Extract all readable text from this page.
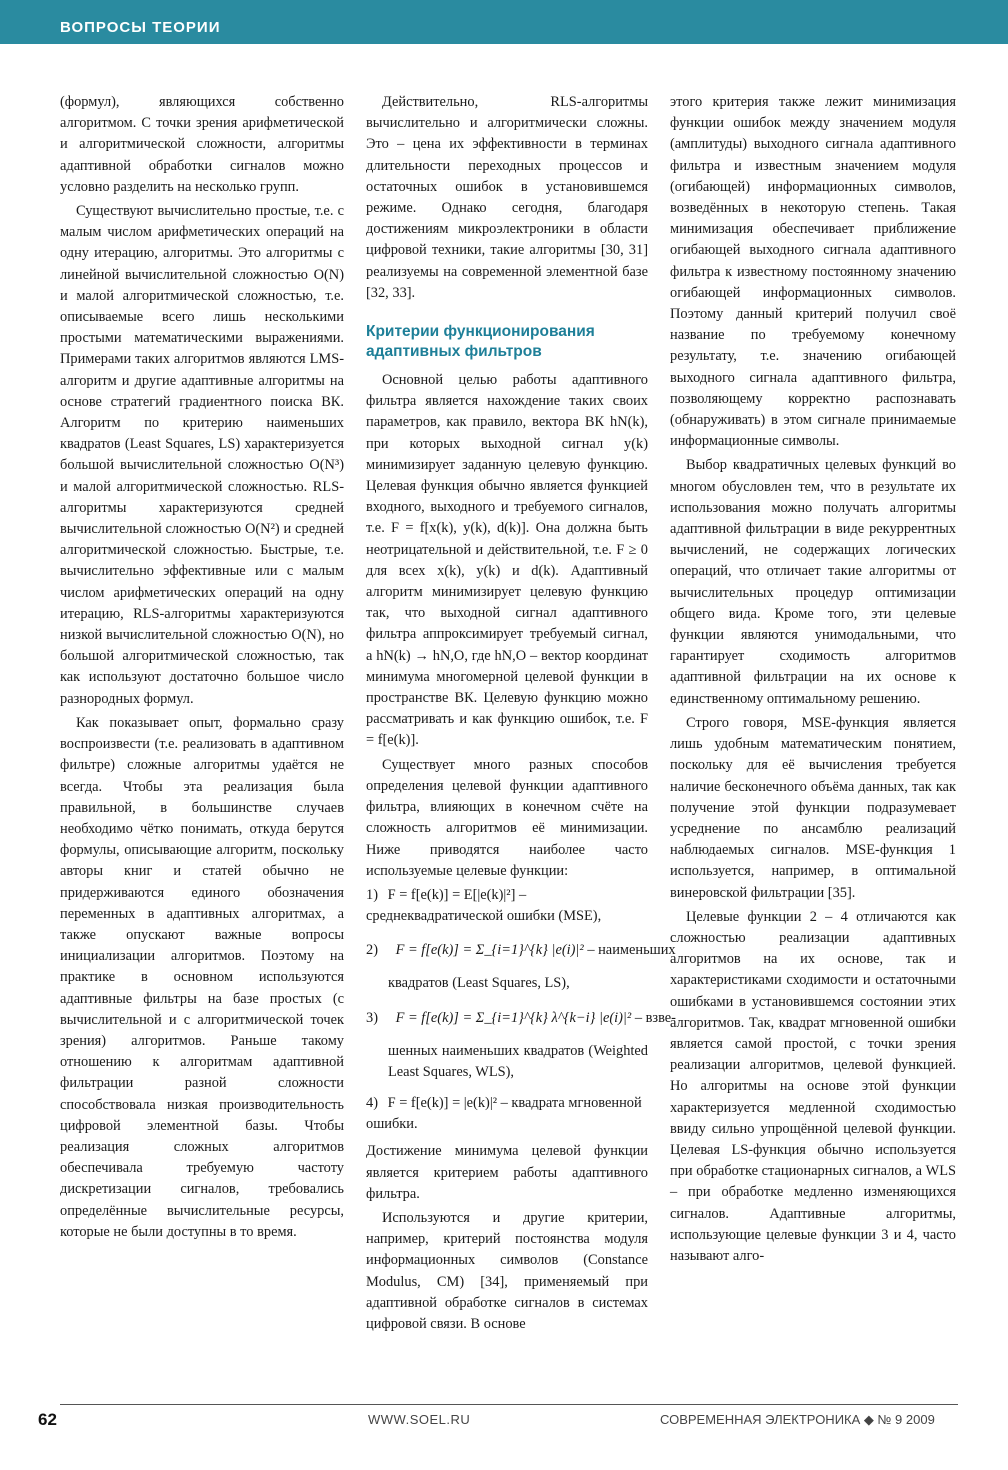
ВОПРОСЫ ТЕОРИИ

(формул), являющихся собственно алгоритмом. С точки зрения арифметической и алгоритмической сложности, алгоритмы адаптивной обработки сигналов можно условно разделить на несколько групп.

Существуют вычислительно простые, т.е. с малым числом арифметических операций на одну итерацию, алгоритмы. Это алгоритмы с линейной вычислительной сложностью O(N) и малой алгоритмической сложностью, т.е. описываемые всего лишь несколькими простыми математическими выражениями. Примерами таких алгоритмов являются LMS-алгоритм и другие адаптивные алгоритмы на основе стратегий градиентного поиска ВК. Алгоритм по критерию наименьших квадратов (Least Squares, LS) характеризуется большой вычислительной сложностью O(N³) и малой алгоритмической сложностью. RLS-алгоритмы характеризуются средней вычислительной сложностью O(N²) и средней алгоритмической сложностью. Быстрые, т.е. вычислительно эффективные или с малым числом арифметических операций на одну итерацию, RLS-алгоритмы характеризуются низкой вычислительной сложностью O(N), но большой алгоритмической сложностью, так как используют достаточно большое число разнородных формул.

Как показывает опыт, формально сразу воспроизвести (т.е. реализовать в адаптивном фильтре) сложные алгоритмы удаётся не всегда. Чтобы эта реализация была правильной, в большинстве случаев необходимо чётко понимать, откуда берутся формулы, описывающие алгоритм, поскольку авторы книг и статей обычно не придерживаются единого обозначения переменных в адаптивных алгоритмах, а также опускают важные вопросы инициализации алгоритмов. Поэтому на практике в основном используются адаптивные фильтры на базе простых (с вычислительной и с алгоритмической точек зрения) алгоритмов. Раньше такому отношению к алгоритмам адаптивной фильтрации разной сложности способствовала низкая производительность цифровой элементной базы. Чтобы реализация сложных алгоритмов обеспечивала требуемую частоту дискретизации сигналов, требовались определённые вычислительные ресурсы, которые не были доступны в то время.

Действительно, RLS-алгоритмы вычислительно и алгоритмически сложны. Это – цена их эффективности в терминах длительности переходных процессов и остаточных ошибок в установившемся режиме. Однако сегодня, благодаря достижениям микроэлектроники в области цифровой техники, такие алгоритмы [30, 31] реализуемы на современной элементной базе [32, 33].

Критерии функционирования
адаптивных фильтров

Основной целью работы адаптивного фильтра является нахождение таких своих параметров, как правило, вектора ВК hN(k), при которых выходной сигнал y(k) минимизирует заданную целевую функцию. Целевая функция обычно является функцией входного, выходного и требуемого сигналов, т.е. F = f[x(k), y(k), d(k)]. Она должна быть неотрицательной и действительной, т.е. F ≥ 0 для всех x(k), y(k) и d(k). Адаптивный алгоритм минимизирует целевую функцию так, что выходной сигнал адаптивного фильтра аппроксимирует требуемый сигнал, а hN(k) → hN,O, где hN,O – вектор координат минимума многомерной целевой функции в пространстве ВК. Целевую функцию можно рассматривать и как функцию ошибок, т.е. F = f[e(k)].

Существует много разных способов определения целевой функции адаптивного фильтра, влияющих в конечном счёте на сложность алгоритмов её минимизации. Ниже приводятся наиболее часто используемые целевые функции:

1) F = f[e(k)] = E[|e(k)|²] – среднеквадратической ошибки (MSE),
2) F = f[e(k)] = Σ_{i=1}^{k} |e(i)|² – наименьших
квадратов (Least Squares, LS),
3) F = f[e(k)] = Σ_{i=1}^{k} λ^{k−i} |e(i)|² – взве-
шенных наименьших квадратов (Weighted Least Squares, WLS),
4) F = f[e(k)] = |e(k)|² – квадрата мгновенной ошибки.

Достижение минимума целевой функции является критерием работы адаптивного фильтра.

Используются и другие критерии, например, критерий постоянства модуля информационных символов (Constance Modulus, CM) [34], применяемый при адаптивной обработке сигналов в системах цифровой связи. В основе

этого критерия также лежит минимизация функции ошибок между значением модуля (амплитуды) выходного сигнала адаптивного фильтра и известным значением модуля (огибающей) информационных символов, возведённых в некоторую степень. Такая минимизация обеспечивает приближение огибающей выходного сигнала адаптивного фильтра к известному постоянному значению огибающей информационных символов. Поэтому данный критерий получил своё название по требуемому конечному результату, т.е. значению огибающей выходного сигнала адаптивного фильтра, позволяющему корректно распознавать (обнаруживать) в этом сигнале принимаемые информационные символы.

Выбор квадратичных целевых функций во многом обусловлен тем, что в результате их использования можно получать алгоритмы адаптивной фильтрации в виде рекуррентных вычислений, не содержащих логических операций, что отличает такие алгоритмы от вычислительных процедур оптимизации общего вида. Кроме того, эти целевые функции являются унимодальными, что гарантирует сходимость алгоритмов адаптивной фильтрации на их основе к единственному оптимальному решению.

Строго говоря, MSE-функция является лишь удобным математическим понятием, поскольку для её вычисления требуется наличие бесконечного объёма данных, так как получение этой функции подразумевает усреднение по ансамблю реализаций наблюдаемых сигналов. MSE-функция 1 используется, например, в оптимальной винеровской фильтрации [35].

Целевые функции 2 – 4 отличаются как сложностью реализации адаптивных алгоритмов на их основе, так и характеристиками сходимости и остаточными ошибками в установившемся состоянии этих алгоритмов. Так, квадрат мгновенной ошибки является самой простой, с точки зрения реализации алгоритмов, целевой функцией. Но алгоритмы на основе этой функции характеризуется медленной сходимостью ввиду сильно упрощённой целевой функции. Целевая LS-функция обычно используется при обработке стационарных сигналов, а WLS – при обработке медленно изменяющихся сигналов. Адаптивные алгоритмы, использующие целевые функции 3 и 4, часто называют алго-

62	WWW.SOEL.RU	СОВРЕМЕННАЯ ЭЛЕКТРОНИКА ◆ № 9 2009
